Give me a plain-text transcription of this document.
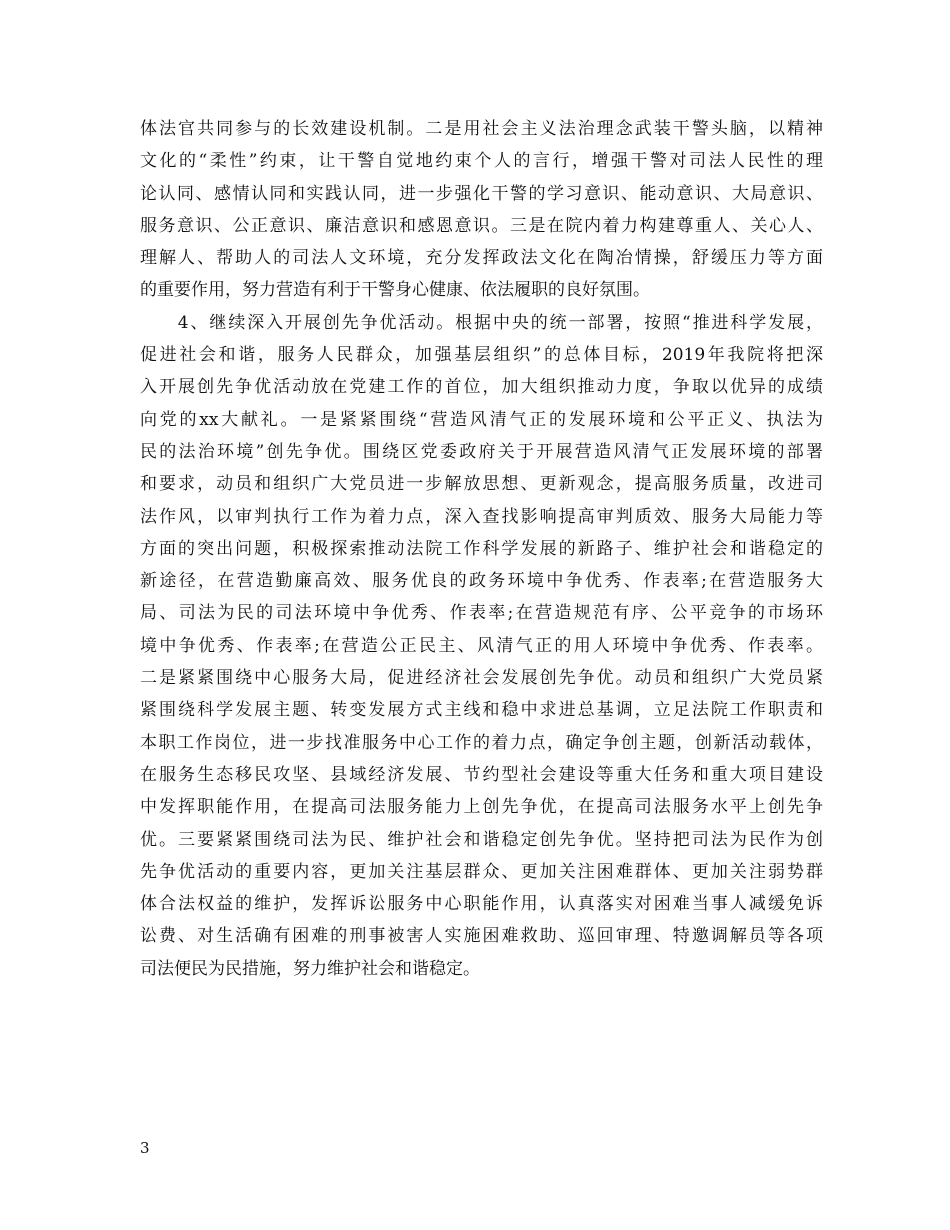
体法官共同参与的长效建设机制。二是用社会主义法治理念武装干警头脑，以精神
文化的“柔性”约束，让干警自觉地约束个人的言行，增强干警对司法人民性的理
论认同、感情认同和实践认同，进一步强化干警的学习意识、能动意识、大局意识、
服务意识、公正意识、廉洁意识和感恩意识。三是在院内着力构建尊重人、关心人、
理解人、帮助人的司法人文环境，充分发挥政法文化在陶冶情操，舒缓压力等方面
的重要作用，努力营造有利于干警身心健康、依法履职的良好氛围。
　　4、继续深入开展创先争优活动。根据中央的统一部署，按照“推进科学发展，
促进社会和谐，服务人民群众，加强基层组织”的总体目标，2019年我院将把深
入开展创先争优活动放在党建工作的首位，加大组织推动力度，争取以优异的成绩
向党的xx大献礼。一是紧紧围绕“营造风清气正的发展环境和公平正义、执法为
民的法治环境”创先争优。围绕区党委政府关于开展营造风清气正发展环境的部署
和要求，动员和组织广大党员进一步解放思想、更新观念，提高服务质量，改进司
法作风，以审判执行工作为着力点，深入查找影响提高审判质效、服务大局能力等
方面的突出问题，积极探索推动法院工作科学发展的新路子、维护社会和谐稳定的
新途径，在营造勤廉高效、服务优良的政务环境中争优秀、作表率;在营造服务大
局、司法为民的司法环境中争优秀、作表率;在营造规范有序、公平竞争的市场环
境中争优秀、作表率;在营造公正民主、风清气正的用人环境中争优秀、作表率。
二是紧紧围绕中心服务大局，促进经济社会发展创先争优。动员和组织广大党员紧
紧围绕科学发展主题、转变发展方式主线和稳中求进总基调，立足法院工作职责和
本职工作岗位，进一步找准服务中心工作的着力点，确定争创主题，创新活动载体，
在服务生态移民攻坚、县域经济发展、节约型社会建设等重大任务和重大项目建设
中发挥职能作用，在提高司法服务能力上创先争优，在提高司法服务水平上创先争
优。三要紧紧围绕司法为民、维护社会和谐稳定创先争优。坚持把司法为民作为创
先争优活动的重要内容，更加关注基层群众、更加关注困难群体、更加关注弱势群
体合法权益的维护，发挥诉讼服务中心职能作用，认真落实对困难当事人减缓免诉
讼费、对生活确有困难的刑事被害人实施困难救助、巡回审理、特邀调解员等各项
司法便民为民措施，努力维护社会和谐稳定。
3
